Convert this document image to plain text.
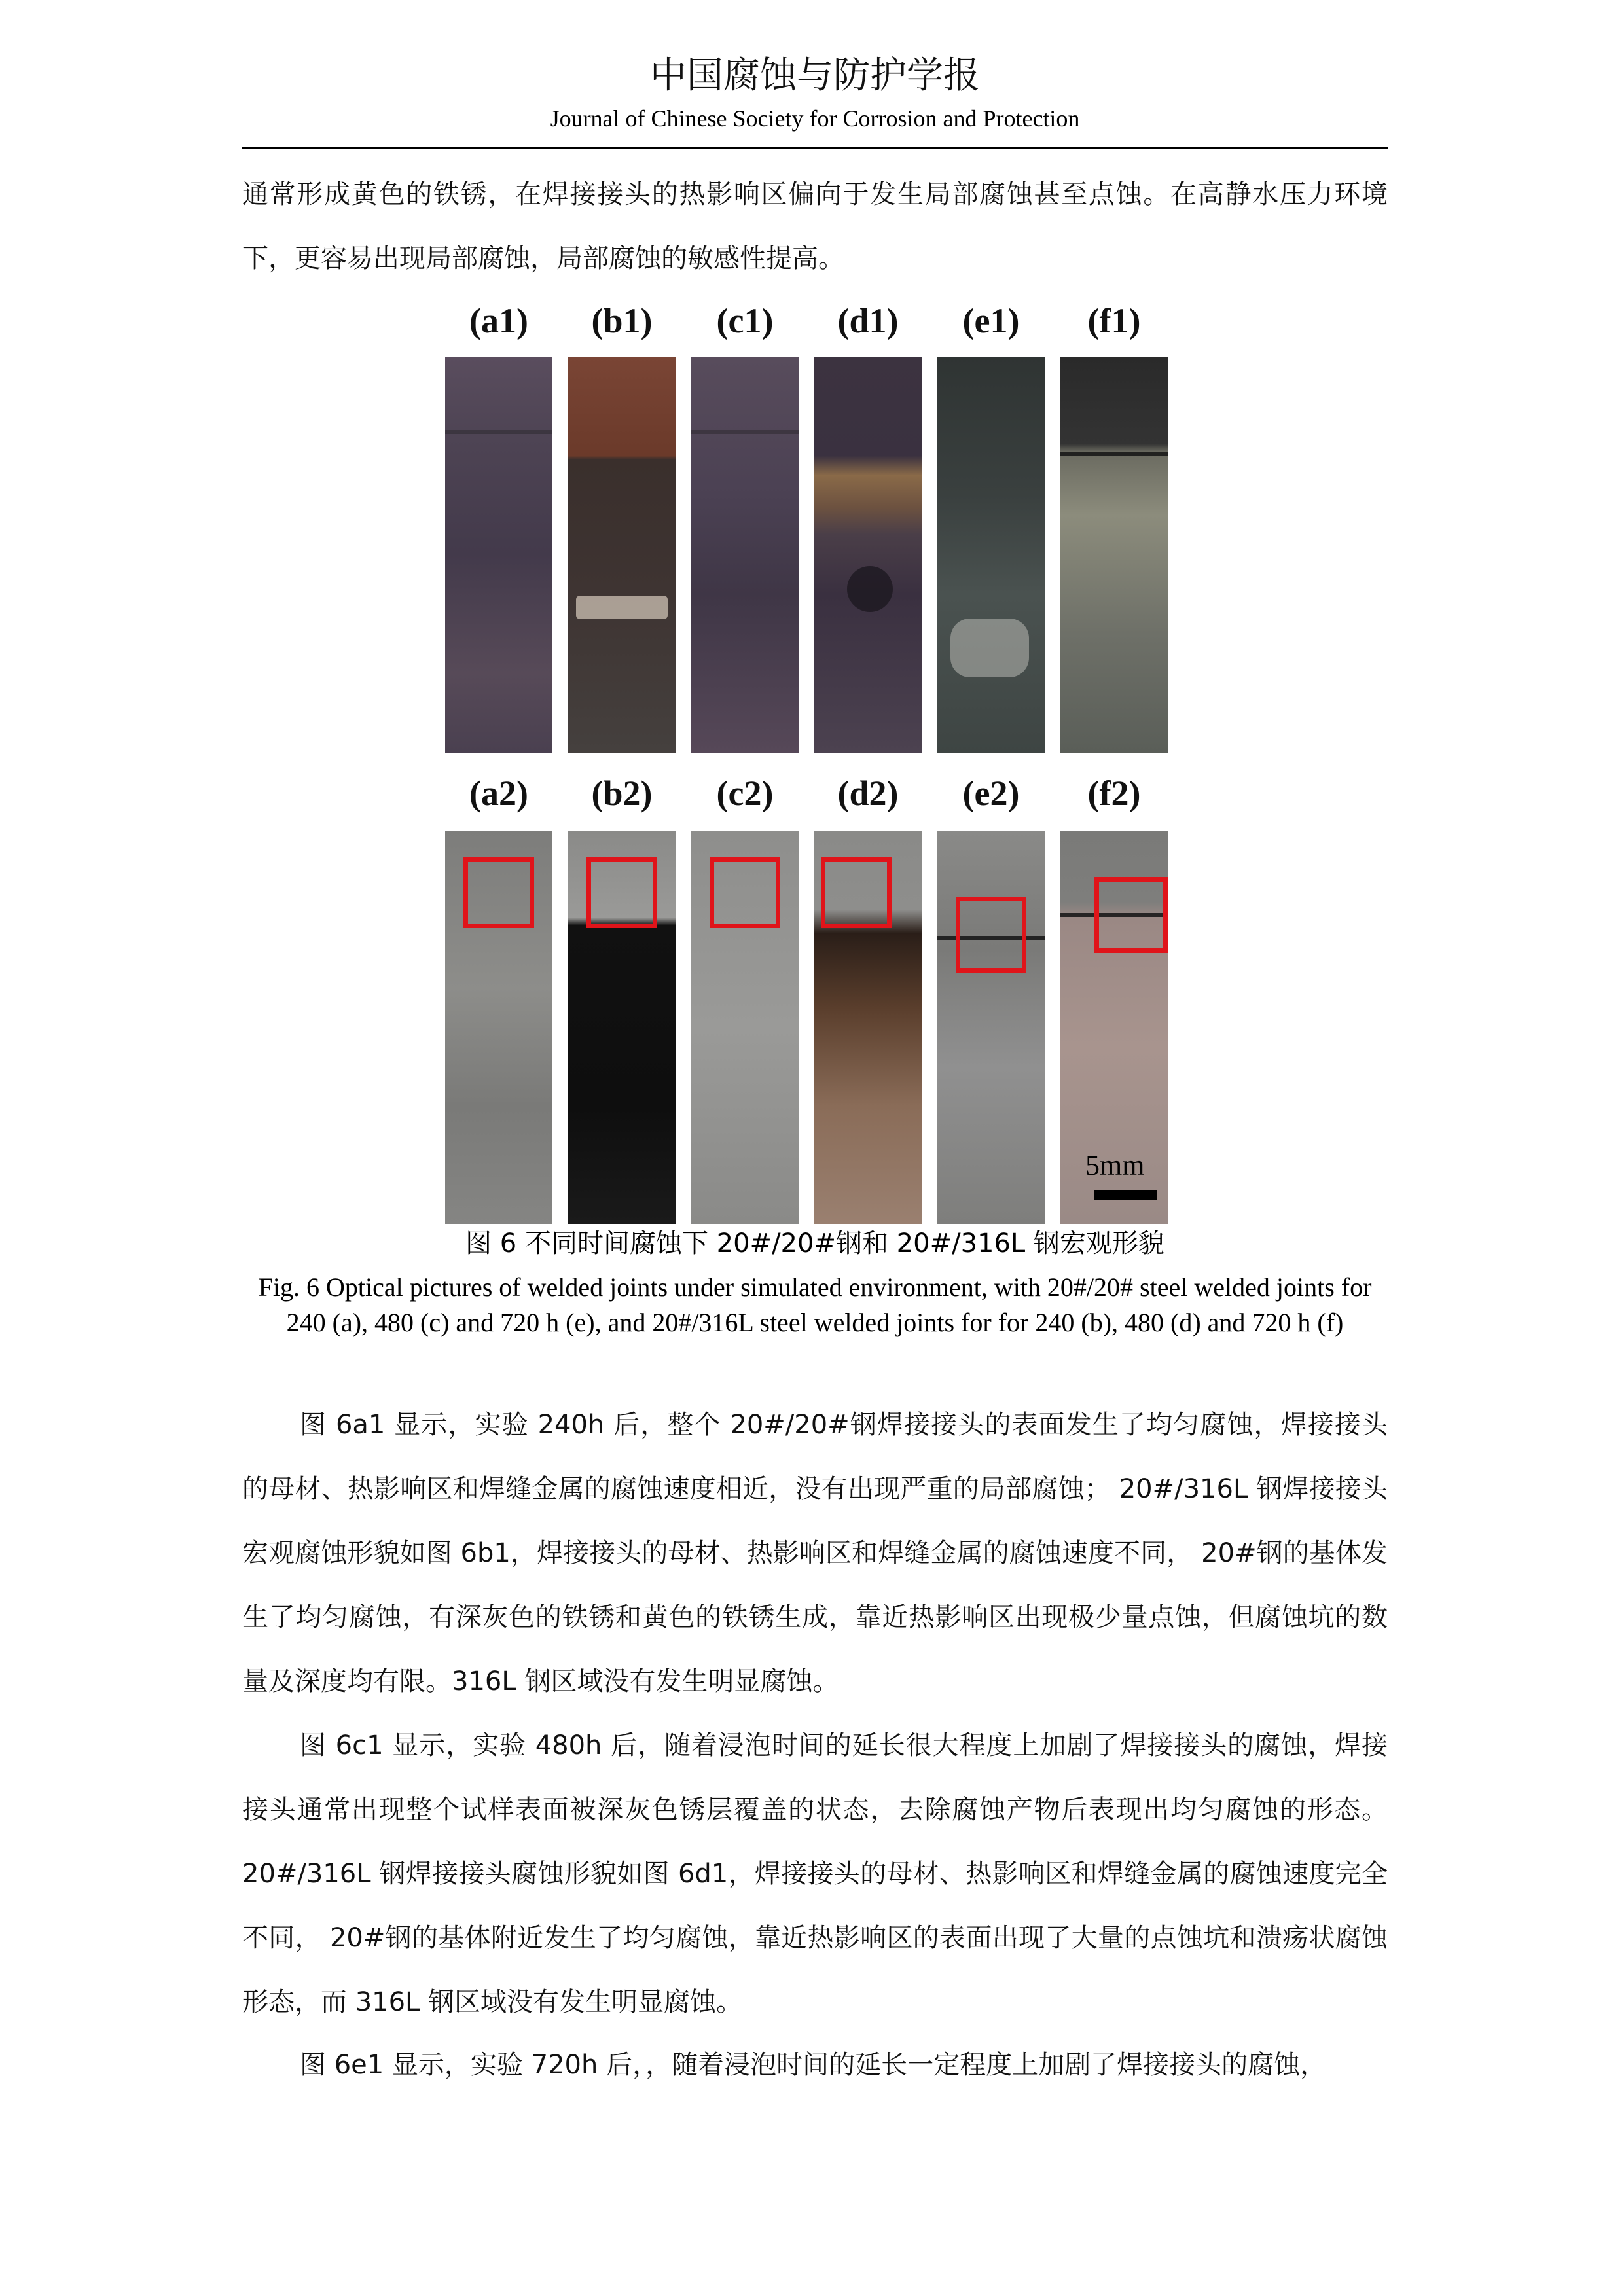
中国腐蚀与防护学报
Journal of Chinese Society for Corrosion and Protection
通常形成黄色的铁锈，在焊接接头的热影响区偏向于发生局部腐蚀甚至点蚀。在高静水压力环境下，更容易出现局部腐蚀，局部腐蚀的敏感性提高。
(a1)	(b1)	(c1)	(d1)	(e1)	(f1)
(a2)	(b2)	(c2)	(d2)	(e2)	(f2)
5mm
图 6 不同时间腐蚀下 20#/20#钢和 20#/316L 钢宏观形貌
Fig. 6 Optical pictures of welded joints under simulated environment, with 20#/20# steel welded joints for 240 (a), 480 (c) and 720 h (e), and 20#/316L steel welded joints for for 240 (b), 480 (d) and 720 h (f)
图 6a1 显示，实验 240h 后，整个 20#/20#钢焊接接头的表面发生了均匀腐蚀，焊接接头的母材、热影响区和焊缝金属的腐蚀速度相近，没有出现严重的局部腐蚀； 20#/316L 钢焊接接头宏观腐蚀形貌如图 6b1，焊接接头的母材、热影响区和焊缝金属的腐蚀速度不同， 20#钢的基体发生了均匀腐蚀，有深灰色的铁锈和黄色的铁锈生成，靠近热影响区出现极少量点蚀，但腐蚀坑的数量及深度均有限。316L 钢区域没有发生明显腐蚀。
图 6c1 显示，实验 480h 后，随着浸泡时间的延长很大程度上加剧了焊接接头的腐蚀，焊接接头通常出现整个试样表面被深灰色锈层覆盖的状态，去除腐蚀产物后表现出均匀腐蚀的形态。20#/316L 钢焊接接头腐蚀形貌如图 6d1，焊接接头的母材、热影响区和焊缝金属的腐蚀速度完全不同， 20#钢的基体附近发生了均匀腐蚀，靠近热影响区的表面出现了大量的点蚀坑和溃疡状腐蚀形态，而 316L 钢区域没有发生明显腐蚀。
图 6e1 显示，实验 720h 后，，随着浸泡时间的延长一定程度上加剧了焊接接头的腐蚀，
